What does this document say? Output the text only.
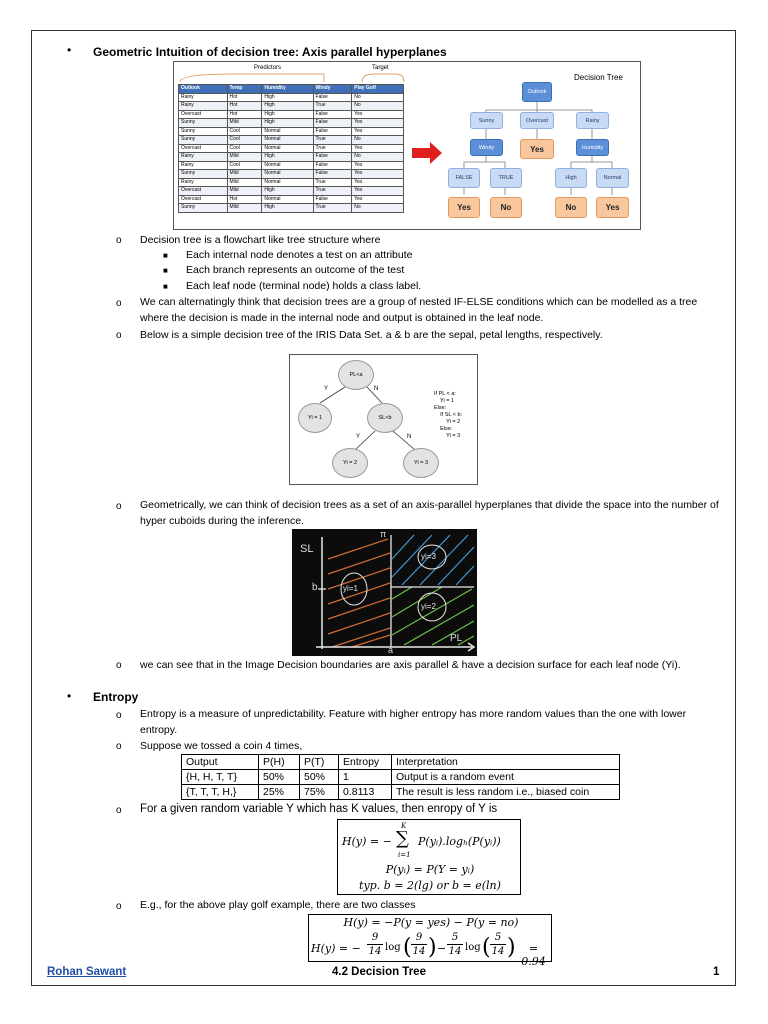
• Geometric Intuition of decision tree: Axis parallel hyperplanes
Predictors	Target
Outlook	Temp	Humidity	Windy	Play Golf
Rainy	Hot	High	False	No
Rainy	Hot	High	True	No
Overcast	Hot	High	False	Yes
Sunny	Mild	High	False	Yes
Sunny	Cool	Normal	False	Yes
Sunny	Cool	Normal	True	No
Overcast	Cool	Normal	True	Yes
Rainy	Mild	High	False	No
Rainy	Cool	Normal	False	Yes
Sunny	Mild	Normal	False	Yes
Rainy	Mild	Normal	True	Yes
Overcast	Mild	High	True	Yes
Overcast	Hot	Normal	False	Yes
Sunny	Mild	High	True	No
Decision Tree
Outlook
Sunny	Overcast	Rainy
Windy	Yes	Humidity
FALSE	TRUE	High	Normal
Yes	No	No	Yes
o Decision tree is a flowchart like tree structure where
■ Each internal node denotes a test on an attribute
■ Each branch represents an outcome of the test
■ Each leaf node (terminal node) holds a class label.
o We can alternatingly think that decision trees are a group of nested IF-ELSE conditions which can be modelled as a tree where the decision is made in the internal node and output is obtained in the leaf node.
o Below is a simple decision tree of the IRIS Data Set. a & b are the sepal, petal lengths, respectively.
PL<a
Y	N
Yi = 1	SL<b
Y	N
Yi = 2	Yi = 3
If PL < a:
Yi = 1
Else:
If SL < b:
Yi = 2
Else:
Yi = 3
o Geometrically, we can think of decision trees as a set of an axis-parallel hyperplanes that divide the space into the number of hyper cuboids during the inference.
SL
PL
b
a
π
yi=1
yi=3
yi=2
o we can see that in the Image Decision boundaries are axis parallel & have a decision surface for each leaf node (Yi).
• Entropy
o Entropy is a measure of unpredictability. Feature with higher entropy has more random values than the one with lower entropy.
o Suppose we tossed a coin 4 times,
Output	P(H)	P(T)	Entropy	Interpretation
{H, H, T, T}	50%	50%	1	Output is a random event
{T, T, T, H,}	25%	75%	0.8113	The result is less random i.e., biased coin
o For a given random variable Y which has K values, then enropy of Y is
H(y) = −
K
∑
i=1
P(yᵢ).logₕ(P(yᵢ))
P(yᵢ) = P(Y = yᵢ)
typ. b = 2(lg) or b = e(ln)
o E.g., for the above play golf example, there are two classes
H(y) = −P(y = yes) − P(y = no)
H(y) = −
9
14 log ( 9
14 ) −
5
14 log ( 5
14 )	= 0.94
Rohan Sawant	4.2 Decision Tree	1
